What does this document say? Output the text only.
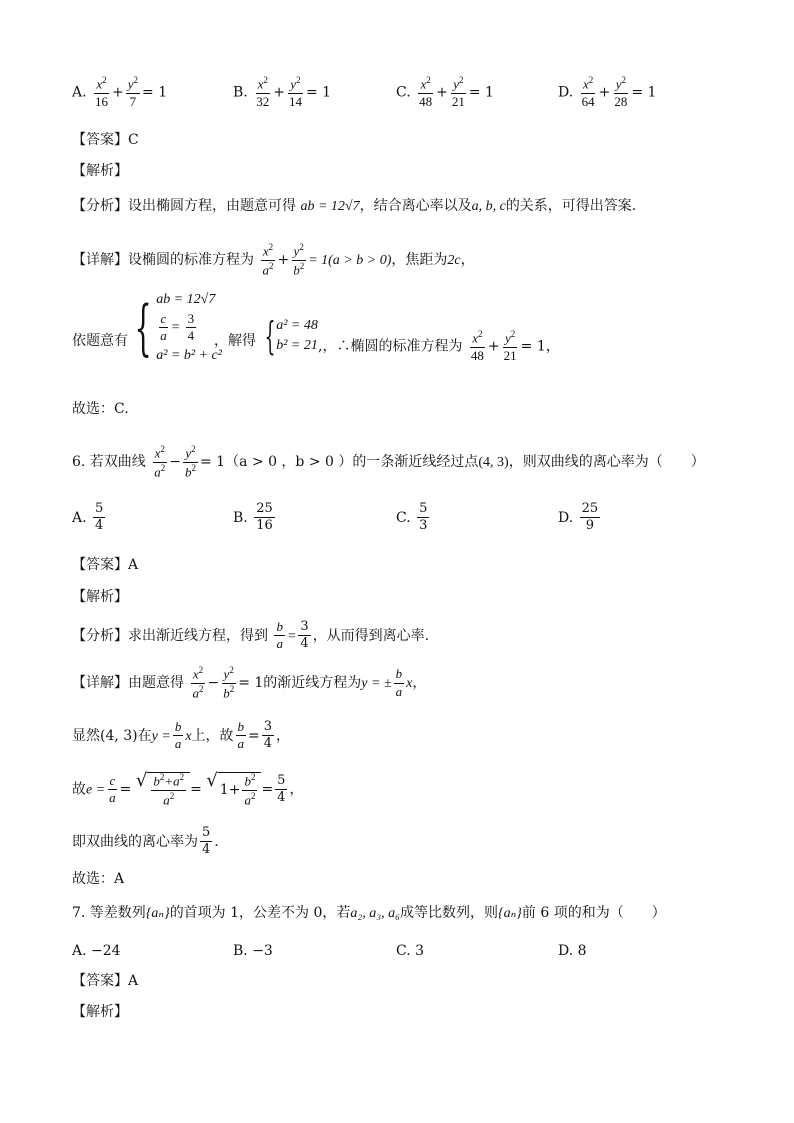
A. $\frac{x^2}{16} + \frac{y^2}{7} = 1$	B. $\frac{x^2}{32} + \frac{y^2}{14} = 1$	C. $\frac{x^2}{48} + \frac{y^2}{21} = 1$	D. $\frac{x^2}{64} + \frac{y^2}{28} = 1$
【答案】C
【解析】
【分析】设出椭圆方程，由题意可得 ab = 12√7，结合离心率以及a, b, c的关系，可得出答案.
【详解】设椭圆的标准方程为 $\frac{x^2}{a^2} + \frac{y^2}{b^2} = 1(a > b > 0)$，焦距为2c，
依题意有 { ab = 12√7
$\frac{c}{a} = \frac{3}{4}$
a² = b² + c²
，解得 { a² = 48
b² = 21 ,，∴椭圆的标准方程为 $\frac{x^2}{48} + \frac{y^2}{21} = 1$，
故选：C.
6. 若双曲线 $\frac{x^2}{a^2} - \frac{y^2}{b^2} = 1(a > 0$ ，b > 0 ）的一条渐近线经过点(4, 3)，则双曲线的离心率为（　　）
A. $\frac{5}{4}$	B. $\frac{25}{16}$	C. $\frac{5}{3}$	D. $\frac{25}{9}$
【答案】A
【解析】
【分析】求出渐近线方程，得到 $\frac{b}{a} = \frac{3}{4}$ ，从而得到离心率.
【详解】由题意得 $\frac{x^2}{a^2} - \frac{y^2}{b^2} = 1$的渐近线方程为y = ± $\frac{b}{a}$ x，
显然(4, 3)在$y = \frac{b}{a}$ x上，故 $\frac{b}{a} = \frac{3}{4}$ ，
故$e = \frac{c}{a}$ = √ $\frac{b^2+a^2}{a^2}$ = √ $1+ \frac{b^2}{a^2} = \frac{5}{4}$ ，
即双曲线的离心率为 $\frac{5}{4}$ .
故选：A
7. 等差数列{aₙ}的首项为 1，公差不为 0，若a₂, a₃, a₆成等比数列，则{aₙ}前 6 项的和为（　　）
A. −24	B. −3	C. 3	D. 8
【答案】A
【解析】
